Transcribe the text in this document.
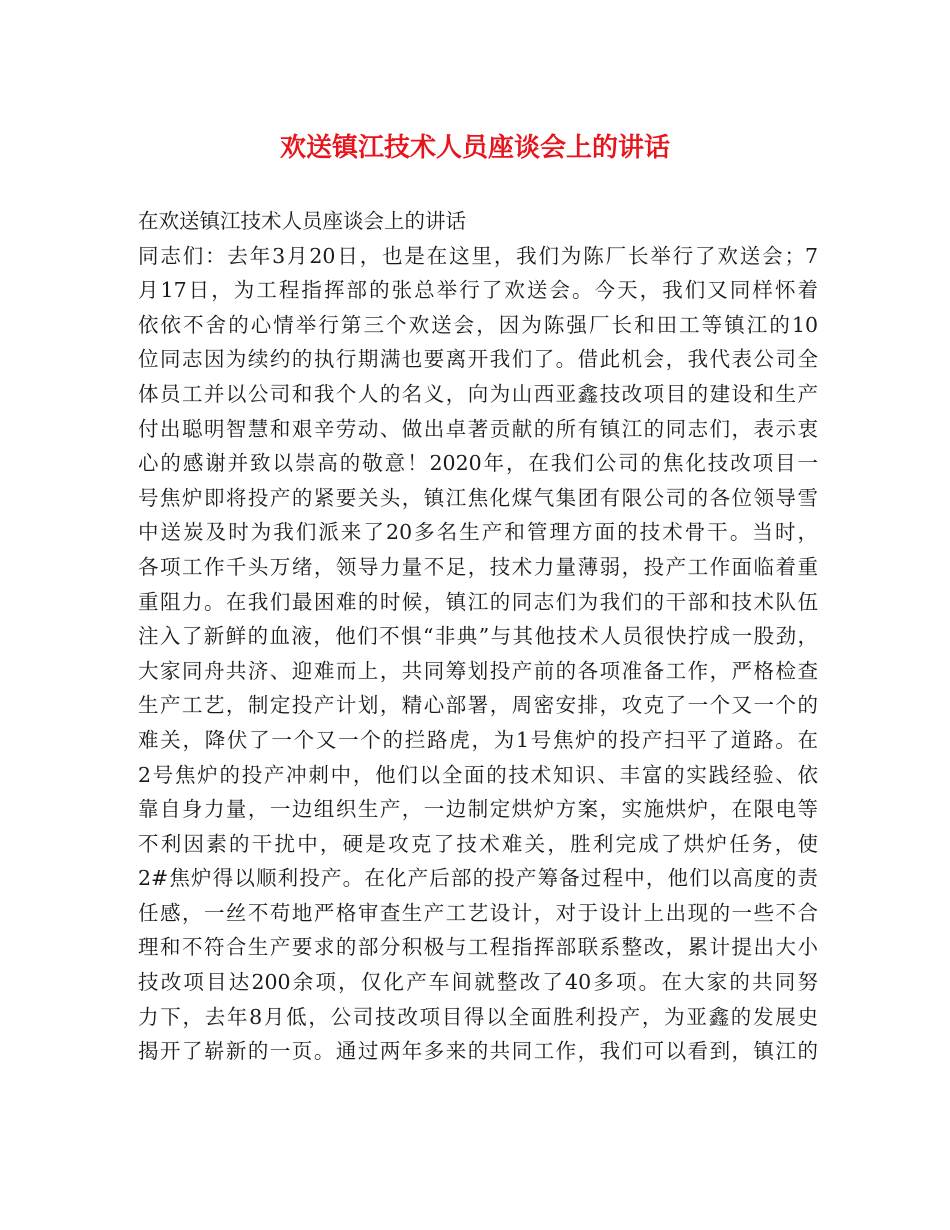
欢送镇江技术人员座谈会上的讲话
在欢送镇江技术人员座谈会上的讲话
同志们：去年3月20日，也是在这里，我们为陈厂长举行了欢送会；7
月17日，为工程指挥部的张总举行了欢送会。今天，我们又同样怀着
依依不舍的心情举行第三个欢送会，因为陈强厂长和田工等镇江的10
位同志因为续约的执行期满也要离开我们了。借此机会，我代表公司全
体员工并以公司和我个人的名义，向为山西亚鑫技改项目的建设和生产
付出聪明智慧和艰辛劳动、做出卓著贡献的所有镇江的同志们，表示衷
心的感谢并致以崇高的敬意！2020年，在我们公司的焦化技改项目一
号焦炉即将投产的紧要关头，镇江焦化煤气集团有限公司的各位领导雪
中送炭及时为我们派来了20多名生产和管理方面的技术骨干。当时，
各项工作千头万绪，领导力量不足，技术力量薄弱，投产工作面临着重
重阻力。在我们最困难的时候，镇江的同志们为我们的干部和技术队伍
注入了新鲜的血液，他们不惧“非典”与其他技术人员很快拧成一股劲，
大家同舟共济、迎难而上，共同筹划投产前的各项准备工作，严格检查
生产工艺，制定投产计划，精心部署，周密安排，攻克了一个又一个的
难关，降伏了一个又一个的拦路虎，为1号焦炉的投产扫平了道路。在
2号焦炉的投产冲刺中，他们以全面的技术知识、丰富的实践经验、依
靠自身力量，一边组织生产，一边制定烘炉方案，实施烘炉，在限电等
不利因素的干扰中，硬是攻克了技术难关，胜利完成了烘炉任务，使
2#焦炉得以顺利投产。在化产后部的投产筹备过程中，他们以高度的责
任感，一丝不苟地严格审查生产工艺设计，对于设计上出现的一些不合
理和不符合生产要求的部分积极与工程指挥部联系整改，累计提出大小
技改项目达200余项，仅化产车间就整改了40多项。在大家的共同努
力下，去年8月低，公司技改项目得以全面胜利投产，为亚鑫的发展史
揭开了崭新的一页。通过两年多来的共同工作，我们可以看到，镇江的
